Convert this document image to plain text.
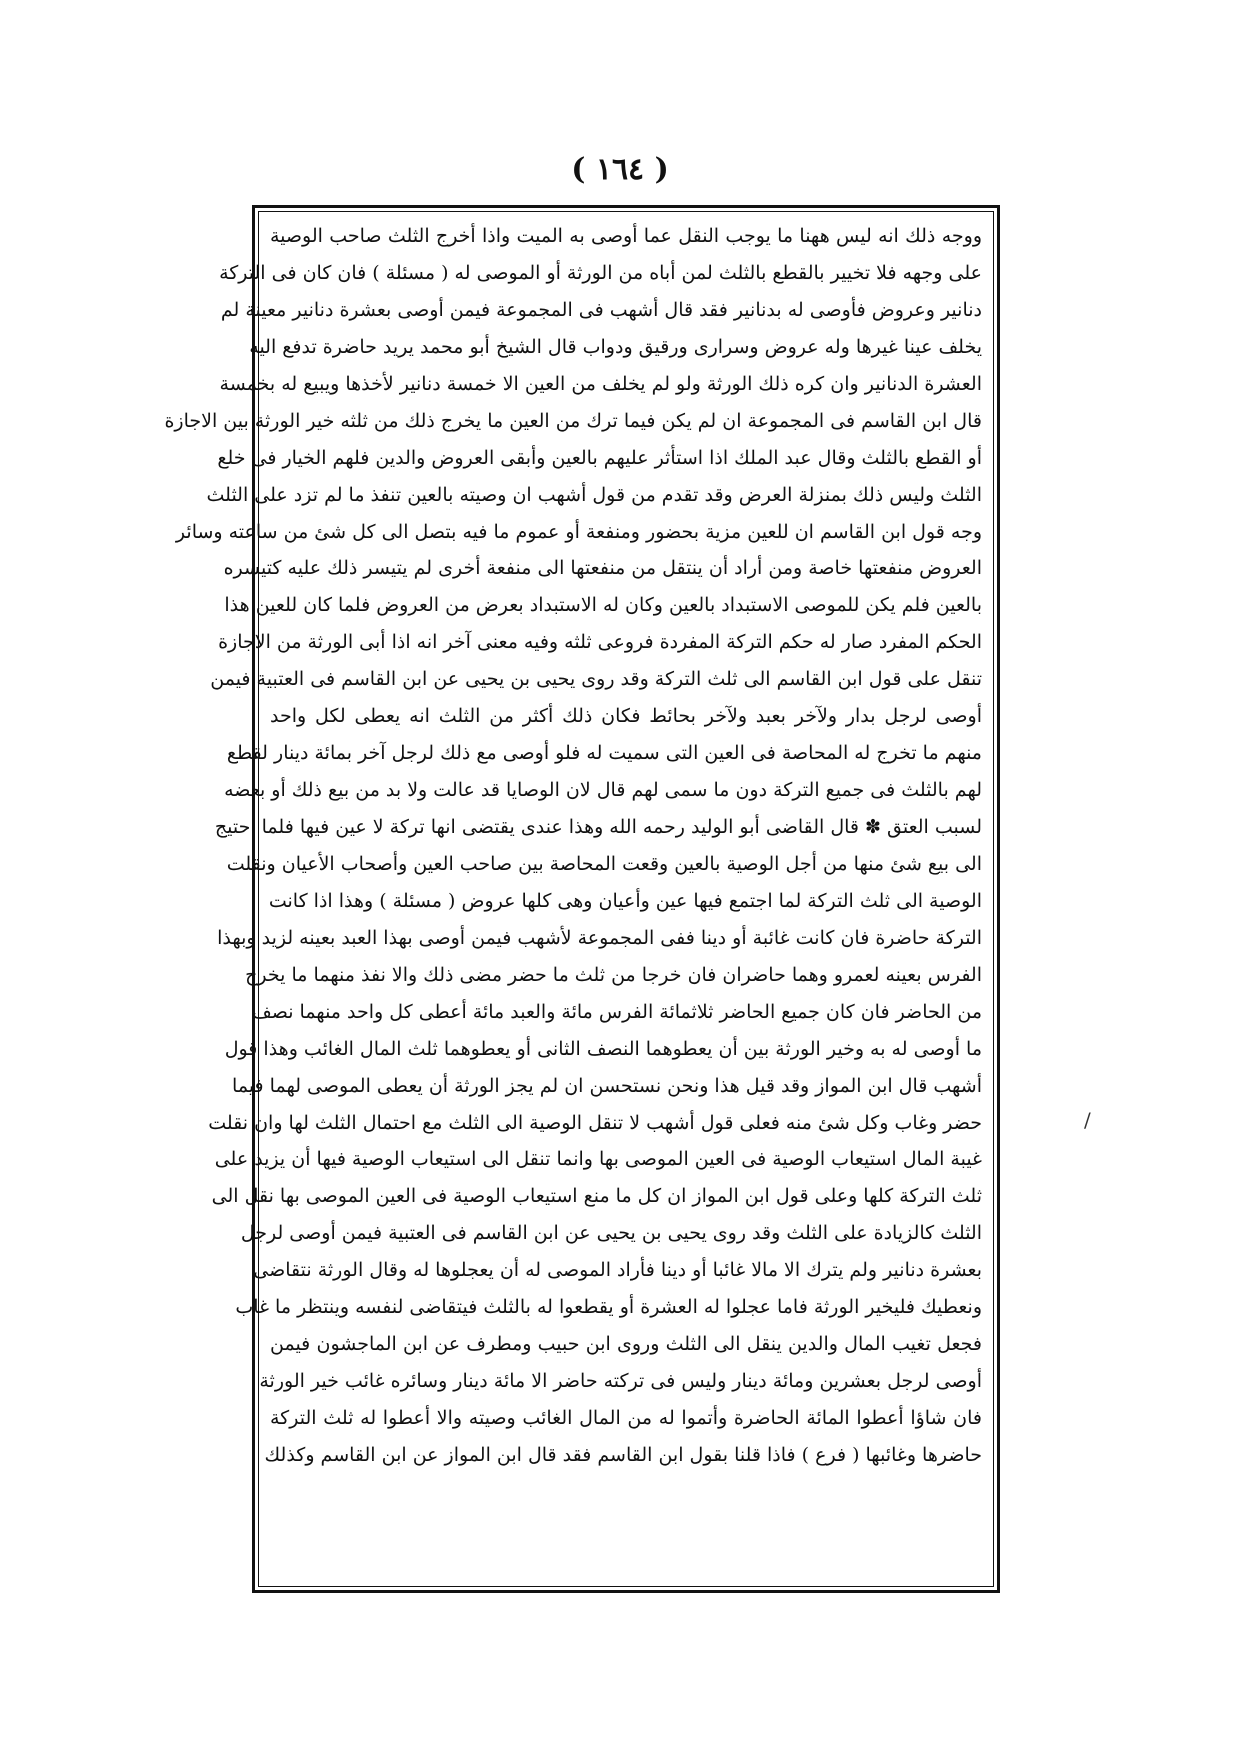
( ١٦٤ )
ووجه ذلك انه ليس ههنا ما يوجب النقل عما أوصى به الميت واذا أخرج الثلث صاحب الوصية
على وجهه فلا تخيير بالقطع بالثلث لمن أباه من الورثة أو الموصى له ( مسئلة ) فان كان فى التركة
دنانير وعروض فأوصى له بدنانير فقد قال أشهب فى المجموعة فيمن أوصى بعشرة دنانير معينة لم
يخلف عينا غيرها وله عروض وسرارى ورقيق ودواب قال الشيخ أبو محمد يريد حاضرة تدفع اليه
العشرة الدنانير وان كره ذلك الورثة ولو لم يخلف من العين الا خمسة دنانير لأخذها ويبيع له بخمسة
قال ابن القاسم فى المجموعة ان لم يكن فيما ترك من العين ما يخرج ذلك من ثلثه خير الورثة بين الاجازة
أو القطع بالثلث وقال عبد الملك اذا استأثر عليهم بالعين وأبقى العروض والدين فلهم الخيار فى خلع
الثلث وليس ذلك بمنزلة العرض وقد تقدم من قول أشهب ان وصيته بالعين تنفذ ما لم تزد على الثلث
وجه قول ابن القاسم ان للعين مزية بحضور ومنفعة أو عموم ما فيه بتصل الى كل شئ من ساعته وسائر
العروض منفعتها خاصة ومن أراد أن ينتقل من منفعتها الى منفعة أخرى لم يتيسر ذلك عليه كتيسره
بالعين فلم يكن للموصى الاستبداد بالعين وكان له الاستبداد بعرض من العروض فلما كان للعين هذا
الحكم المفرد صار له حكم التركة المفردة فروعى ثلثه وفيه معنى آخر انه اذا أبى الورثة من الاجازة
تنقل على قول ابن القاسم الى ثلث التركة وقد روى يحيى بن يحيى عن ابن القاسم فى العتبية فيمن
أوصى لرجل بدار ولآخر بعبد ولآخر بحائط فكان ذلك أكثر من الثلث انه يعطى لكل واحد
منهم ما تخرج له المحاصة فى العين التى سميت له فلو أوصى مع ذلك لرجل آخر بمائة دينار لقطع
لهم بالثلث فى جميع التركة دون ما سمى لهم قال لان الوصايا قد عالت ولا بد من بيع ذلك أو بعضه
لسبب العتق ✽ قال القاضى أبو الوليد رحمه الله وهذا عندى يقتضى انها تركة لا عين فيها فلما احتيج
الى بيع شئ منها من أجل الوصية بالعين وقعت المحاصة بين صاحب العين وأصحاب الأعيان ونقلت
الوصية الى ثلث التركة لما اجتمع فيها عين وأعيان وهى كلها عروض ( مسئلة ) وهذا اذا كانت
التركة حاضرة فان كانت غائبة أو دينا ففى المجموعة لأشهب فيمن أوصى بهذا العبد بعينه لزيد وبهذا
الفرس بعينه لعمرو وهما حاضران فان خرجا من ثلث ما حضر مضى ذلك والا نفذ منهما ما يخرج
من الحاضر فان كان جميع الحاضر ثلاثمائة الفرس مائة والعبد مائة أعطى كل واحد منهما نصف
ما أوصى له به وخير الورثة بين أن يعطوهما النصف الثانى أو يعطوهما ثلث المال الغائب وهذا قول
أشهب قال ابن المواز وقد قيل هذا ونحن نستحسن ان لم يجز الورثة أن يعطى الموصى لهما فيما
حضر وغاب وكل شئ منه فعلى قول أشهب لا تنقل الوصية الى الثلث مع احتمال الثلث لها وان نقلت
غيبة المال استيعاب الوصية فى العين الموصى بها وانما تنقل الى استيعاب الوصية فيها أن يزيد على
ثلث التركة كلها وعلى قول ابن المواز ان كل ما منع استيعاب الوصية فى العين الموصى بها نقل الى
الثلث كالزيادة على الثلث وقد روى يحيى بن يحيى عن ابن القاسم فى العتبية فيمن أوصى لرجل
بعشرة دنانير ولم يترك الا مالا غائبا أو دينا فأراد الموصى له أن يعجلوها له وقال الورثة نتقاضى
ونعطيك فليخير الورثة فاما عجلوا له العشرة أو يقطعوا له بالثلث فيتقاضى لنفسه وينتظر ما غاب
فجعل تغيب المال والدين ينقل الى الثلث وروى ابن حبيب ومطرف عن ابن الماجشون فيمن
أوصى لرجل بعشرين ومائة دينار وليس فى تركته حاضر الا مائة دينار وسائره غائب خير الورثة
فان شاؤا أعطوا المائة الحاضرة وأتموا له من المال الغائب وصيته والا أعطوا له ثلث التركة
حاضرها وغائبها ( فرع ) فاذا قلنا بقول ابن القاسم فقد قال ابن المواز عن ابن القاسم وكذلك
/
